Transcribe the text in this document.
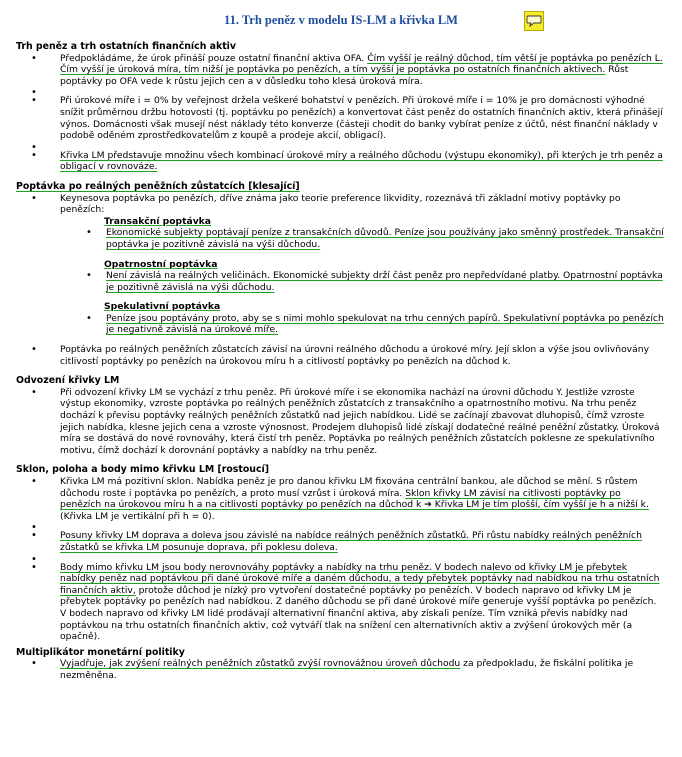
11. Trh peněz v modelu IS-LM a křivka LM
Trh peněz a trh ostatních finančních aktiv
• Předpokládáme, že úrok přináší pouze ostatní finanční aktiva OFA. Čím vyšší je reálný důchod, tím větší je poptávka po penězích L. Čím vyšší je úroková míra, tím nižší je poptávka po penězích, a tím vyšší je poptávka po ostatních finančních aktivech. Růst poptávky po OFA vede k růstu jejich cen a v důsledku toho klesá úroková míra.
•
• Při úrokové míře i = 0% by veřejnost držela veškeré bohatství v penězích. Při úrokové míře i = 10% je pro domácnosti výhodné snížit průměrnou držbu hotovosti (tj. poptávku po penězích) a konvertovat část peněz do ostatních finančních aktiv, která přinášejí výnos. Domácnosti však musejí nést náklady této konverze (částeji chodit do banky vybírat peníze z účtů, nést finanční náklady v podobě oděném zprostředkovatelům z koupě a prodeje akcií, obligací).
•
• Křivka LM představuje množinu všech kombinací úrokové míry a reálného důchodu (výstupu ekonomiky), při kterých je trh peněz a obligací v rovnováze.
Poptávka po reálných peněžních zůstatcích [klesající]
• Keynesova poptávka po penězích, dříve známa jako teorie preference likvidity, rozeznává tři základní motivy poptávky po penězích:
Transakční poptávka
• Ekonomické subjekty poptávají peníze z transakčních důvodů. Peníze jsou používány jako směnný prostředek. Transakční poptávka je pozitivně závislá na výši důchodu.
Opatrnostní poptávka
• Není závislá na reálných veličinách. Ekonomické subjekty drží část peněz pro nepředvídané platby. Opatrnostní poptávka je pozitivně závislá na výši důchodu.
Spekulativní poptávka
• Peníze jsou poptávány proto, aby se s nimi mohlo spekulovat na trhu cenných papírů. Spekulativní poptávka po penězích je negativně závislá na úrokové míře.
• Poptávka po reálných peněžních zůstatcích závisí na úrovni reálného důchodu a úrokové míry. Její sklon a výše jsou ovlivňovány citlivostí poptávky po penězích na úrokovou míru h a citlivostí poptávky po penězích na důchod k.
Odvození křivky LM
• Při odvození křivky LM se vychází z trhu peněz. Při úrokové míře i se ekonomika nachází na úrovni důchodu Y. Jestliže vzroste výstup ekonomiky, vzroste poptávka po reálných peněžních zůstatcích z transakčního a opatrnostního motivu. Na trhu peněz dochází k převisu poptávky reálných peněžních zůstatků nad jejich nabídkou. Lidé se začínají zbavovat dluhopisů, čímž vzroste jejich nabídka, klesne jejich cena a vzroste výnosnost. Prodejem dluhopisů lidé získají dodatečné reálné peněžní zůstatky. Úroková míra se dostává do nové rovnováhy, která čistí trh peněz. Poptávka po reálných peněžních zůstatcích poklesne ze spekulativního motivu, čímž dochází k dorovnání poptávky a nabídky na trhu peněz.
Sklon, poloha a body mimo křivku LM [rostoucí]
• Křivka LM má pozitivní sklon. Nabídka peněz je pro danou křivku LM fixována centrální bankou, ale důchod se mění. S růstem důchodu roste i poptávka po penězích, a proto musí vzrůst i úroková míra. Sklon křivky LM závisí na citlivosti poptávky po penězích na úrokovou míru h a na citlivosti poptávky po penězích na důchod k ➔ Křivka LM je tím plošší, čím vyšší je h a nižší k. (Křivka LM je vertikální při h = 0).
•
• Posuny křivky LM doprava a doleva jsou závislé na nabídce reálných peněžních zůstatků. Při růstu nabídky reálných peněžních zůstatků se křivka LM posunuje doprava, při poklesu doleva.
•
• Body mimo křivku LM jsou body nerovnováhy poptávky a nabídky na trhu peněz. V bodech nalevo od křivky LM je přebytek nabídky peněz nad poptávkou při dané úrokové míře a daném důchodu, a tedy přebytek poptávky nad nabídkou na trhu ostatních finančních aktiv, protože důchod je nízký pro vytvoření dostatečné poptávky po penězích. V bodech napravo od křivky LM je přebytek poptávky po penězích nad nabídkou. Z daného důchodu se při dané úrokové míře generuje vyšší poptávka po penězích. V bodech napravo od křivky LM lidé prodávají alternativní finanční aktiva, aby získali peníze. Tím vzniká převis nabídky nad poptávkou na trhu ostatních finančních aktiv, což vytváří tlak na snížení cen alternativních aktiv a zvýšení úrokových měr (a opačně).
Multiplikátor monetární politiky
• Vyjadřuje, jak zvýšení reálných peněžních zůstatků zvýší rovnovážnou úroveň důchodu za předpokladu, že fiskální politika je nezměněna.
